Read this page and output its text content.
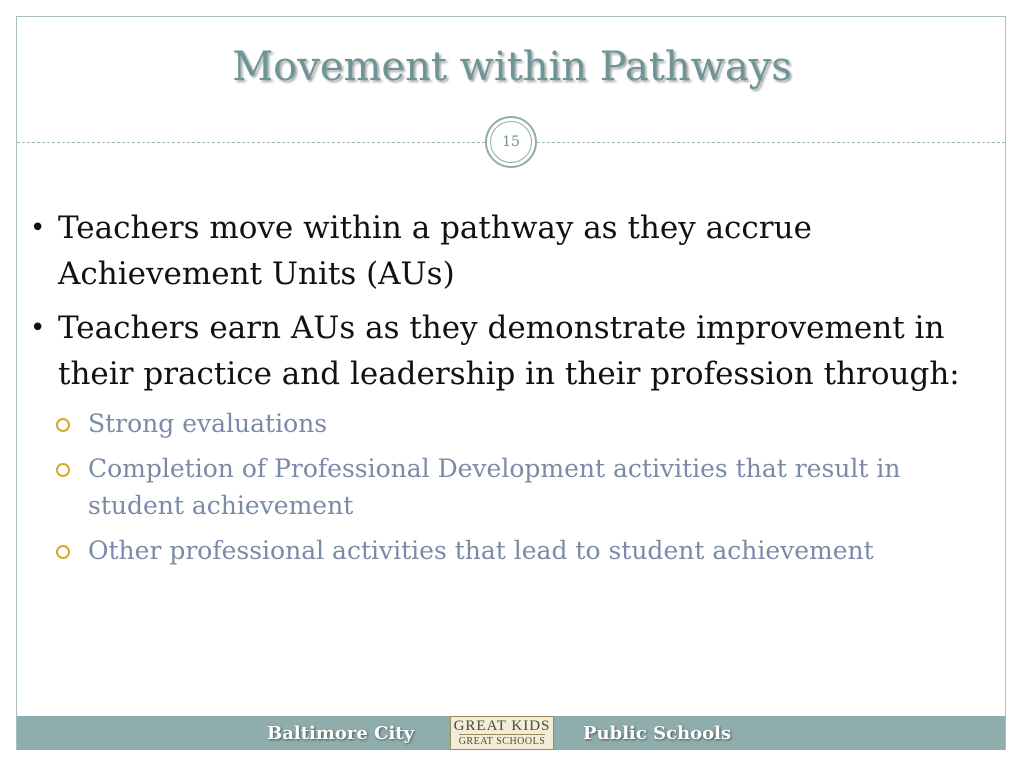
Movement within Pathways
15
• Teachers move within a pathway as they accrue Achievement Units (AUs)
• Teachers earn AUs as they demonstrate improvement in their practice and leadership in their profession through:
Strong evaluations
Completion of Professional Development activities that result in student achievement
Other professional activities that lead to student achievement
Baltimore City	GREAT KIDS
GREAT SCHOOLS Public Schools
